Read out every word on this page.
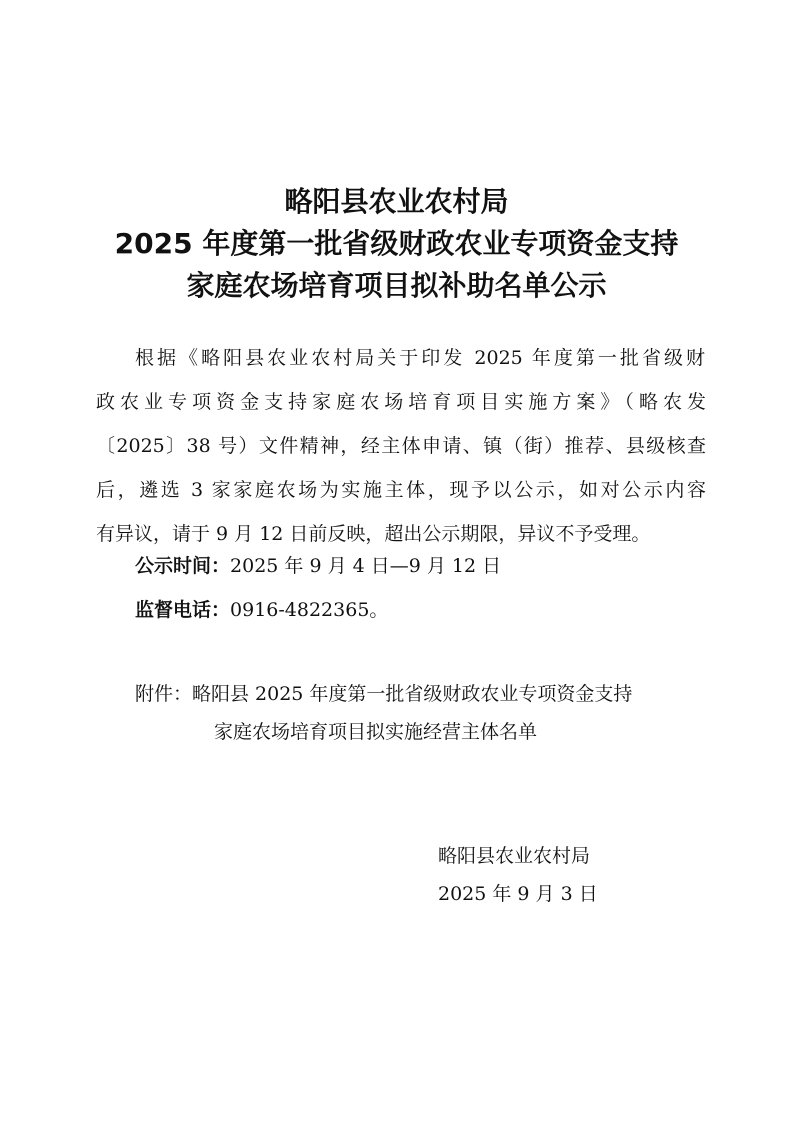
略阳县农业农村局
2025 年度第一批省级财政农业专项资金支持
家庭农场培育项目拟补助名单公示
根据《略阳县农业农村局关于印发 2025 年度第一批省级财
政农业专项资金支持家庭农场培育项目实施方案》（略农发
〔2025〕38 号）文件精神，经主体申请、镇（街）推荐、县级核查
后，遴选 3 家家庭农场为实施主体，现予以公示，如对公示内容
有异议，请于 9 月 12 日前反映，超出公示期限，异议不予受理。
公示时间：2025 年 9 月 4 日—9 月 12 日
监督电话：0916-4822365。
附件：略阳县 2025 年度第一批省级财政农业专项资金支持
家庭农场培育项目拟实施经营主体名单
略阳县农业农村局
2025 年 9 月 3 日
